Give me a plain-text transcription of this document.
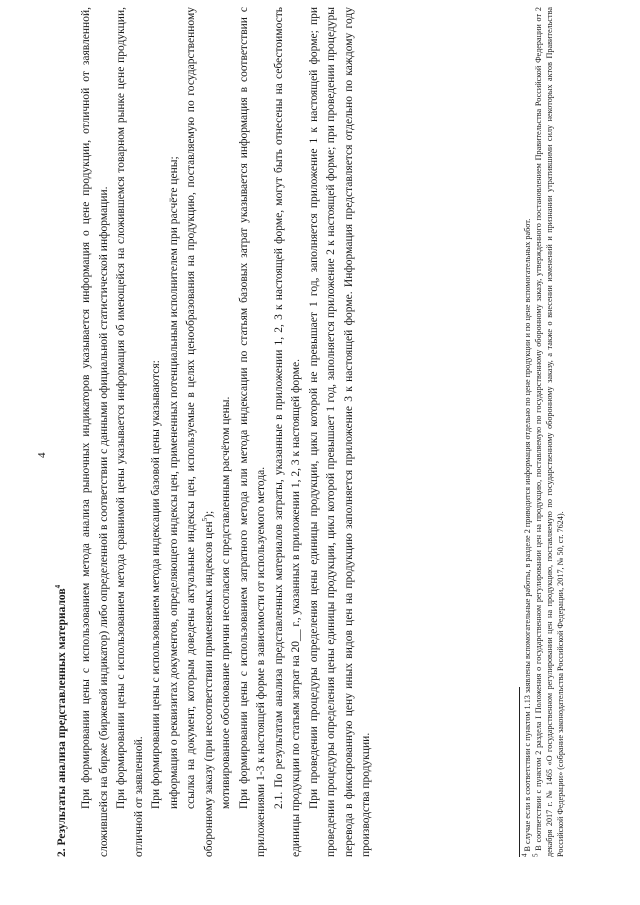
4

2. Результаты анализа представленных материалов$^4$	При формировании цены с использованием метода анализа рыночных индикаторов указывается информация о цене продукции, отличной от заявленной, сложившейся на бирже (биржевой индикатор) либо определенной в соответствии с данными официальной статистической информации. При формировании цены с использованием метода сравнимой цены указывается информация об имеющейся на сложившемся товарном рынке цене продукции, отличной от заявленной. При формировании цены с использованием метода индексации базовой цены указываются: информация о реквизитах документов, определяющего индексы цен, примененных потенциальным исполнителем при расчёте цены; ссылка на документ, которым доведены актуальные индексы цен, используемые в целях ценообразования на продукцию, поставляемую по государственному оборонному заказу (при несоответствии применяемых индексов цен$^5$); мотивированное обоснование причин несогласия с представленным расчётом цены. При формировании цены с использованием затратного метода или метода индексации по статьям базовых затрат указывается информация в соответствии с приложениями 1-3 к настоящей форме в зависимости от используемого метода. 2.1. По результатам анализа представленных материалов затраты, указанные в приложении 1, 2, 3 к настоящей форме, могут быть отнесены на себестоимость единицы продукции по статьям затрат на 20__ г., указанных в приложении 1, 2, 3 к настоящей форме. При проведении процедуры определения цены единицы продукции, цикл которой не превышает 1 год, заполняется приложение 1 к настоящей форме; при проведении процедуры определения цены единицы продукции, цикл которой превышает 1 год, заполняется приложение 2 к настоящей форме; при проведении процедуры перевода в фиксированную цену иных видов цен на продукцию заполняется приложение 3 к настоящей форме. Информация представляется отдельно по каждому году производства продукции.	$^4$ В случае если в соответствии с пунктом 1.13 заявлены вспомогательные работы, в разделе 2 приводится информация отдельно по цене продукции и по цене вспомогательных работ.

$^5$ В соответствии с пунктом 2 раздела I Положения о государственном регулировании цен на продукцию, поставляемую по государственному оборонному заказу, утвержденного постановлением Правительства Российской Федерации от 2 декабря 2017 г. № 1465 «О государственном регулировании цен на продукцию, поставляемую по государственному оборонному заказу, а также о внесении изменений и признании утратившими силу некоторых актов Правительства Российской Федерации» (собрание законодательства Российской Федерации, 2017, № 50, ст. 7624).
